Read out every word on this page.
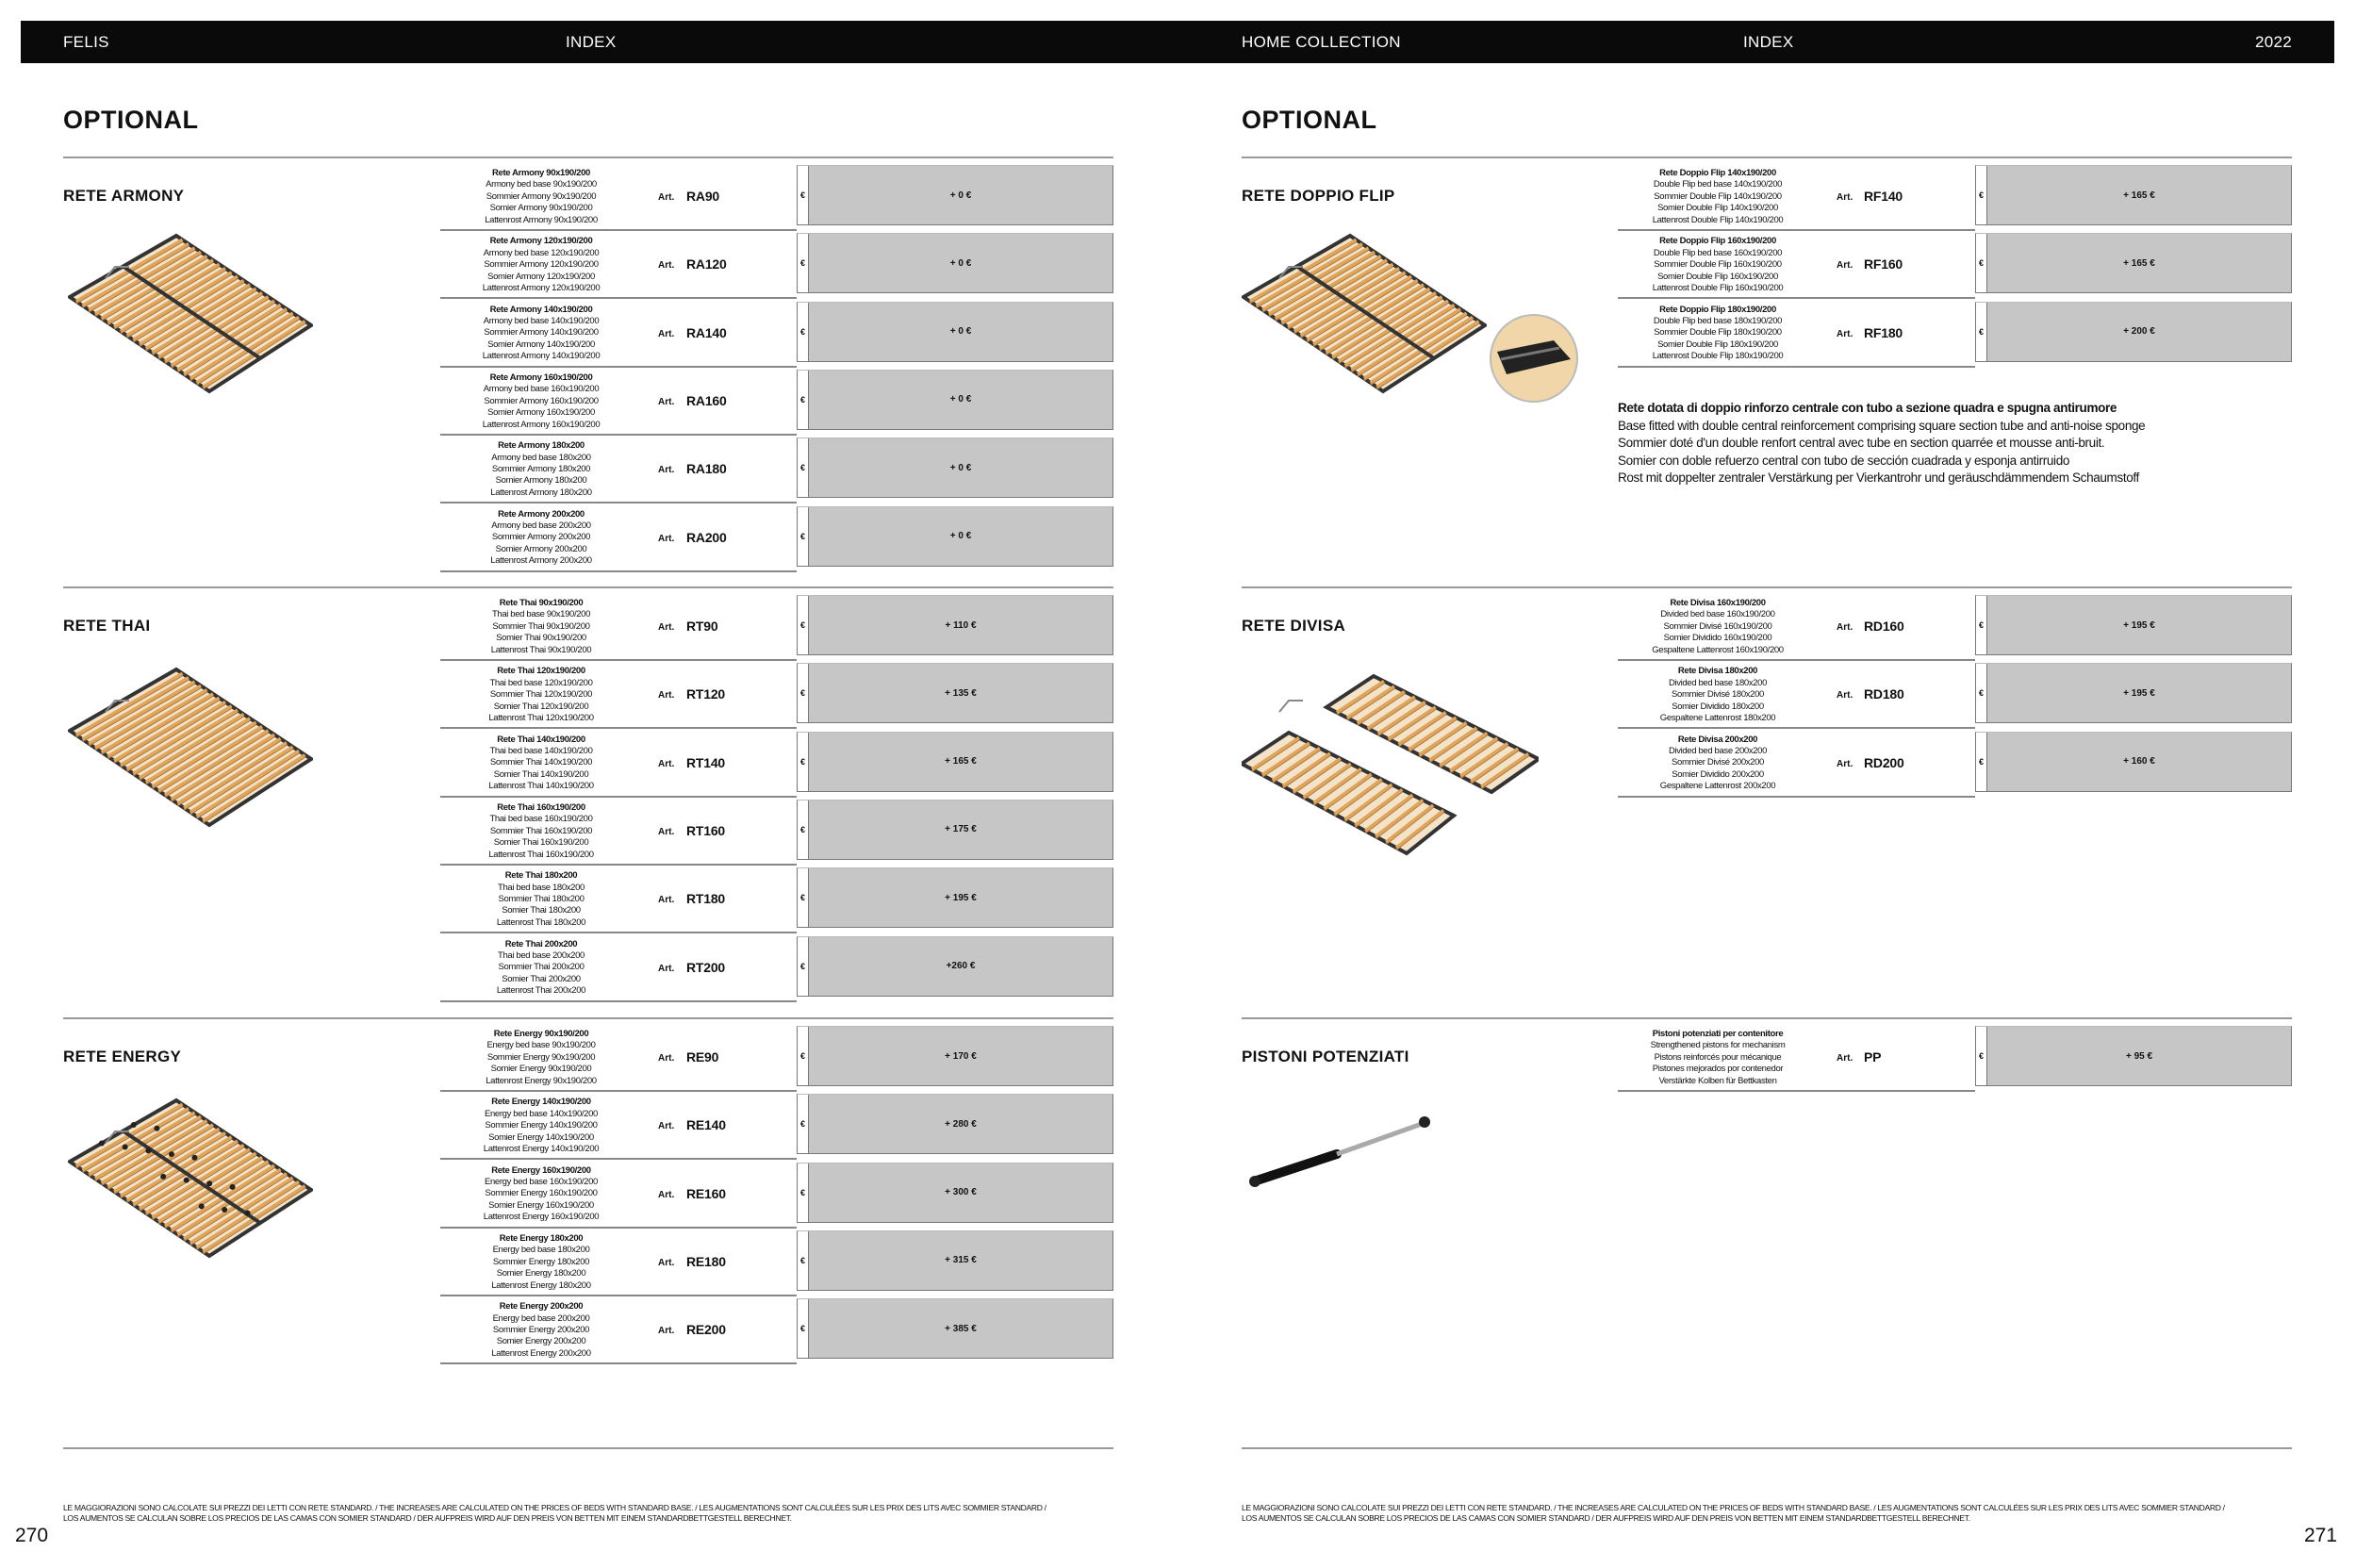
FELIS	INDEX	HOME COLLECTION	INDEX	2022
OPTIONAL
LE MAGGIORAZIONI SONO CALCOLATE SUI PREZZI DEI LETTI CON RETE STANDARD. / THE INCREASES ARE CALCULATED ON THE PRICES OF BEDS WITH STANDARD BASE. / LES AUGMENTATIONS SONT CALCULÉES SUR LES PRIX DES LITS AVEC SOMMIER STANDARD /
LOS AUMENTOS SE CALCULAN SOBRE LOS PRECIOS DE LAS CAMAS CON SOMIER STANDARD / DER AUFPREIS WIRD AUF DEN PREIS VON BETTEN MIT EINEM STANDARDBETTGESTELL BERECHNET.
270
RETE ARMONY
Rete Armony 90x190/200
Armony bed base 90x190/200
Sommier Armony 90x190/200
Somier Armony 90x190/200
Lattenrost Armony 90x190/200
Art. RA90	€	+ 0 €
Rete Armony 120x190/200
Armony bed base 120x190/200
Sommier Armony 120x190/200
Somier Armony 120x190/200
Lattenrost Armony 120x190/200
Art. RA120	€	+ 0 €
Rete Armony 140x190/200
Armony bed base 140x190/200
Sommier Armony 140x190/200
Somier Armony 140x190/200
Lattenrost Armony 140x190/200
Art. RA140	€	+ 0 €
Rete Armony 160x190/200
Armony bed base 160x190/200
Sommier Armony 160x190/200
Somier Armony 160x190/200
Lattenrost Armony 160x190/200
Art. RA160	€	+ 0 €
Rete Armony 180x200
Armony bed base 180x200
Sommier Armony 180x200
Somier Armony 180x200
Lattenrost Armony 180x200
Art. RA180	€	+ 0 €
Rete Armony 200x200
Armony bed base 200x200
Sommier Armony 200x200
Somier Armony 200x200
Lattenrost Armony 200x200
Art. RA200	€	+ 0 €
RETE THAI
Rete Thai 90x190/200
Thai bed base 90x190/200
Sommier Thai 90x190/200
Somier Thai 90x190/200
Lattenrost Thai 90x190/200
Art. RT90	€	+ 110 €
Rete Thai 120x190/200
Thai bed base 120x190/200
Sommier Thai 120x190/200
Somier Thai 120x190/200
Lattenrost Thai 120x190/200
Art. RT120	€	+ 135 €
Rete Thai 140x190/200
Thai bed base 140x190/200
Sommier Thai 140x190/200
Somier Thai 140x190/200
Lattenrost Thai 140x190/200
Art. RT140	€	+ 165 €
Rete Thai 160x190/200
Thai bed base 160x190/200
Sommier Thai 160x190/200
Somier Thai 160x190/200
Lattenrost Thai 160x190/200
Art. RT160	€	+ 175 €
Rete Thai 180x200
Thai bed base 180x200
Sommier Thai 180x200
Somier Thai 180x200
Lattenrost Thai 180x200
Art. RT180	€	+ 195 €
Rete Thai 200x200
Thai bed base 200x200
Sommier Thai 200x200
Somier Thai 200x200
Lattenrost Thai 200x200
Art. RT200	€	+260 €
RETE ENERGY
Rete Energy 90x190/200
Energy bed base 90x190/200
Sommier Energy 90x190/200
Somier Energy 90x190/200
Lattenrost Energy 90x190/200
Art. RE90	€	+ 170 €
Rete Energy 140x190/200
Energy bed base 140x190/200
Sommier Energy 140x190/200
Somier Energy 140x190/200
Lattenrost Energy 140x190/200
Art. RE140	€	+ 280 €
Rete Energy 160x190/200
Energy bed base 160x190/200
Sommier Energy 160x190/200
Somier Energy 160x190/200
Lattenrost Energy 160x190/200
Art. RE160	€	+ 300 €
Rete Energy 180x200
Energy bed base 180x200
Sommier Energy 180x200
Somier Energy 180x200
Lattenrost Energy 180x200
Art. RE180	€	+ 315 €
Rete Energy 200x200
Energy bed base 200x200
Sommier Energy 200x200
Somier Energy 200x200
Lattenrost Energy 200x200
Art. RE200	€	+ 385 €
OPTIONAL
LE MAGGIORAZIONI SONO CALCOLATE SUI PREZZI DEI LETTI CON RETE STANDARD. / THE INCREASES ARE CALCULATED ON THE PRICES OF BEDS WITH STANDARD BASE. / LES AUGMENTATIONS SONT CALCULÉES SUR LES PRIX DES LITS AVEC SOMMIER STANDARD /
LOS AUMENTOS SE CALCULAN SOBRE LOS PRECIOS DE LAS CAMAS CON SOMIER STANDARD / DER AUFPREIS WIRD AUF DEN PREIS VON BETTEN MIT EINEM STANDARDBETTGESTELL BERECHNET.
271
RETE DOPPIO FLIP
Rete Doppio Flip 140x190/200
Double Flip bed base 140x190/200
Sommier Double Flip 140x190/200
Somier Double Flip 140x190/200
Lattenrost Double Flip 140x190/200
Art. RF140	€	+ 165 €
Rete Doppio Flip 160x190/200
Double Flip bed base 160x190/200
Sommier Double Flip 160x190/200
Somier Double Flip 160x190/200
Lattenrost Double Flip 160x190/200
Art. RF160	€	+ 165 €
Rete Doppio Flip 180x190/200
Double Flip bed base 180x190/200
Sommier Double Flip 180x190/200
Somier Double Flip 180x190/200
Lattenrost Double Flip 180x190/200
Art. RF180	€	+ 200 €
Rete dotata di doppio rinforzo centrale con tubo a sezione quadra e spugna antirumore
Base fitted with double central reinforcement comprising square section tube and anti-noise sponge
Sommier doté d'un double renfort central avec tube en section quarrée et mousse anti-bruit.
Somier con doble refuerzo central con tubo de sección cuadrada y esponja antirruido
Rost mit doppelter zentraler Verstärkung per Vierkantrohr und geräuschdämmendem Schaumstoff
RETE DIVISA
Rete Divisa 160x190/200
Divided bed base 160x190/200
Sommier Divisé 160x190/200
Somier Dividido 160x190/200
Gespaltene Lattenrost 160x190/200
Art. RD160	€	+ 195 €
Rete Divisa 180x200
Divided bed base 180x200
Sommier Divisé 180x200
Somier Dividido 180x200
Gespaltene Lattenrost 180x200
Art. RD180	€	+ 195 €
Rete Divisa 200x200
Divided bed base 200x200
Sommier Divisé 200x200
Somier Dividido 200x200
Gespaltene Lattenrost 200x200
Art. RD200	€	+ 160 €
PISTONI POTENZIATI
Pistoni potenziati per contenitore
Strengthened pistons for mechanism
Pistons reinforcés pour mécanique
Pistones mejorados por contenedor
Verstärkte Kolben für Bettkasten
Art. PP	€	+ 95 €
